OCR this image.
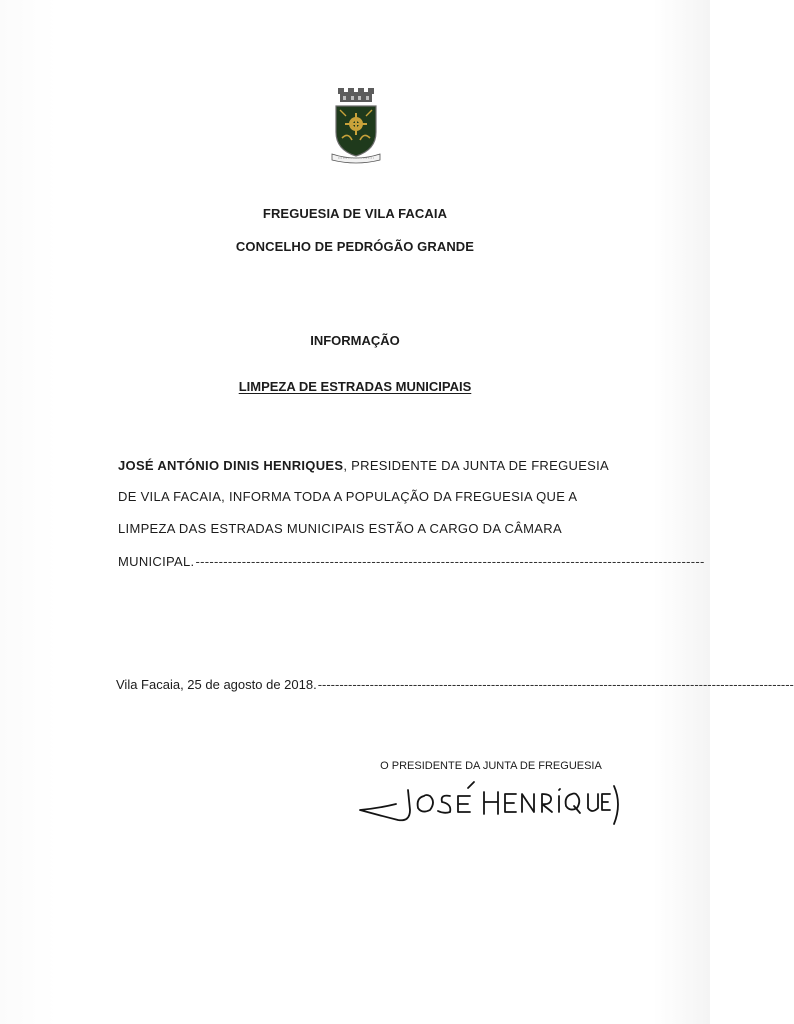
FREGUESIA DE VILA FACAIA
CONCELHO DE PEDRÓGÃO GRANDE
INFORMAÇÃO
LIMPEZA DE ESTRADAS MUNICIPAIS
JOSÉ ANTÓNIO DINIS HENRIQUES, PRESIDENTE DA JUNTA DE FREGUESIA
DE VILA FACAIA, INFORMA TODA A POPULAÇÃO DA FREGUESIA QUE A
LIMPEZA DAS ESTRADAS MUNICIPAIS ESTÃO A CARGO DA CÂMARA
MUNICIPAL. --------------------------------------------------------------------------------------------------------------
Vila Facaia, 25 de agosto de 2018. --------------------------------------------------------------------------------------------------------------
O PRESIDENTE DA JUNTA DE FREGUESIA
